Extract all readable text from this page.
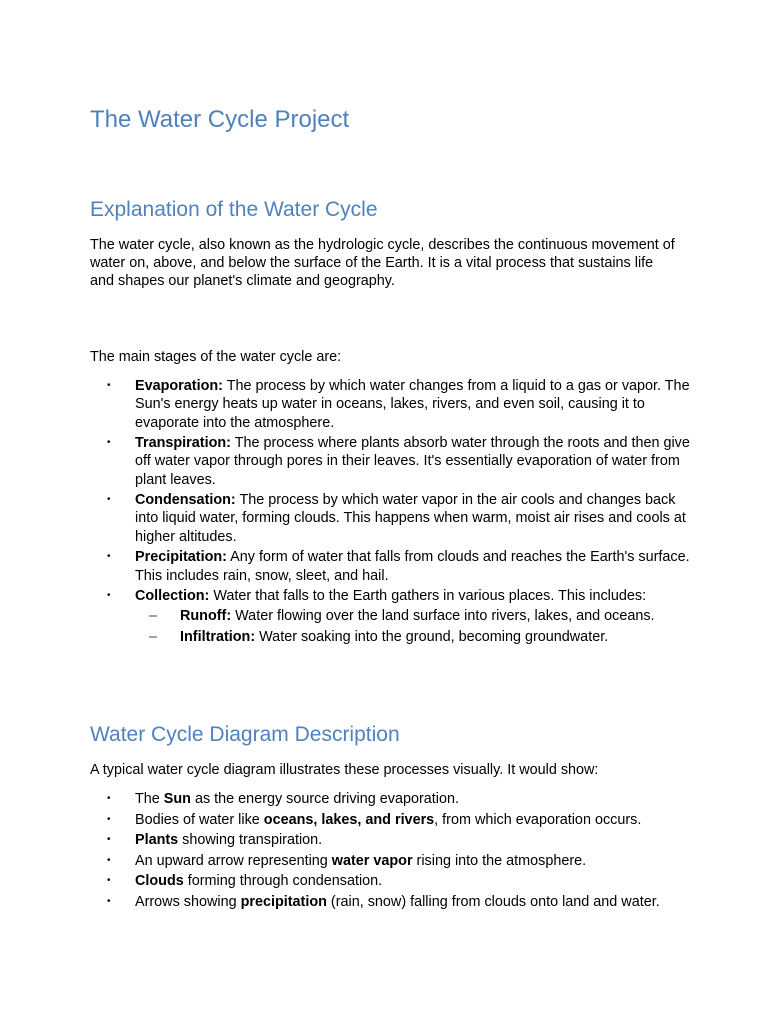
The Water Cycle Project
Explanation of the Water Cycle

The water cycle, also known as the hydrologic cycle, describes the continuous movement of water on, above, and below the surface of the Earth. It is a vital process that sustains life and shapes our planet's climate and geography.

The main stages of the water cycle are:

• Evaporation: The process by which water changes from a liquid to a gas or vapor. The Sun's energy heats up water in oceans, lakes, rivers, and even soil, causing it to evaporate into the atmosphere.
• Transpiration: The process where plants absorb water through the roots and then give off water vapor through pores in their leaves. It's essentially evaporation of water from plant leaves.
• Condensation: The process by which water vapor in the air cools and changes back into liquid water, forming clouds. This happens when warm, moist air rises and cools at higher altitudes.
• Precipitation: Any form of water that falls from clouds and reaches the Earth's surface. This includes rain, snow, sleet, and hail.
• Collection: Water that falls to the Earth gathers in various places. This includes:
– Runoff: Water flowing over the land surface into rivers, lakes, and oceans.
– Infiltration: Water soaking into the ground, becoming groundwater.
Water Cycle Diagram Description

A typical water cycle diagram illustrates these processes visually. It would show:

• The Sun as the energy source driving evaporation.
• Bodies of water like oceans, lakes, and rivers, from which evaporation occurs.
• Plants showing transpiration.
• An upward arrow representing water vapor rising into the atmosphere.
• Clouds forming through condensation.
• Arrows showing precipitation (rain, snow) falling from clouds onto land and water.
